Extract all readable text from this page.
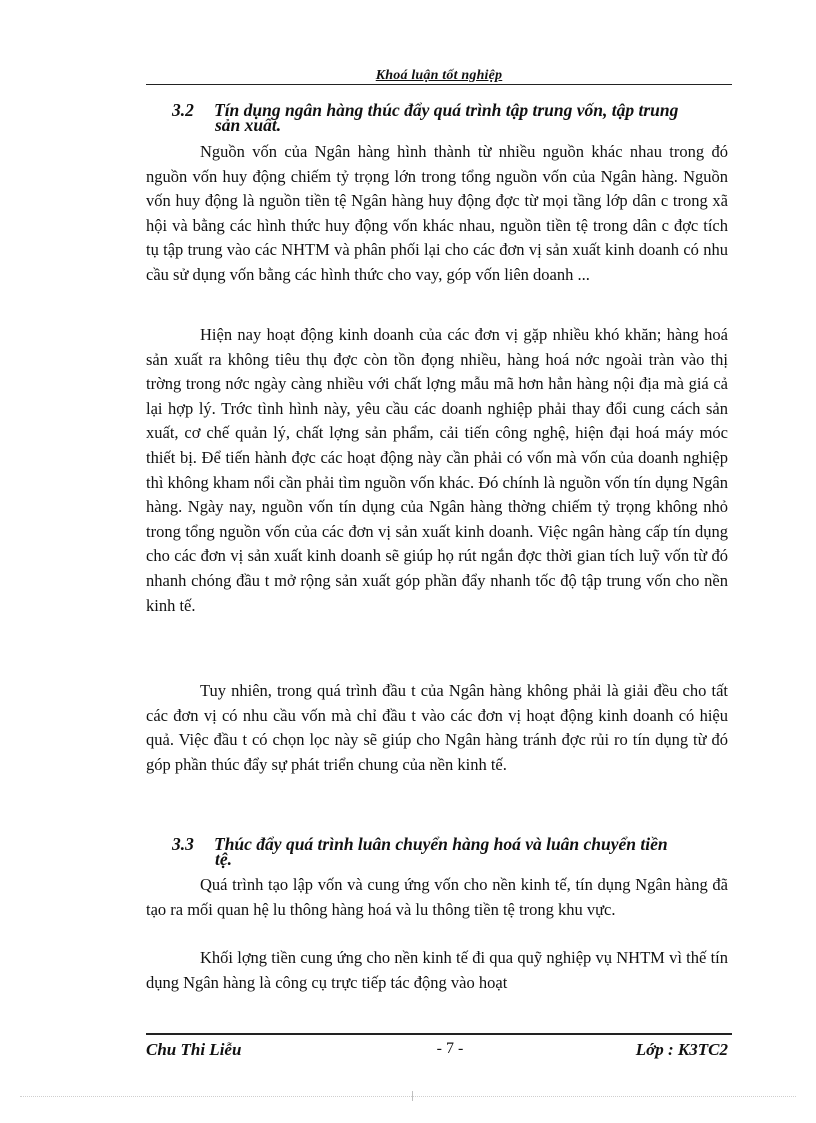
Khoá luận tốt nghiệp
3.2 Tín dụng ngân hàng thúc đẩy quá trình tập trung vốn, tập trung
sản xuất.

Nguồn vốn của Ngân hàng hình thành từ nhiều nguồn khác nhau trong đó nguồn vốn huy động chiếm tỷ trọng lớn trong tổng nguồn vốn của Ngân hàng. Nguồn vốn huy động là nguồn tiền tệ Ngân hàng huy động đợc từ mọi tầng lớp dân c trong xã hội và bằng các hình thức huy động vốn khác nhau, nguồn tiền tệ trong dân c đợc tích tụ tập trung vào các NHTM và phân phối lại cho các đơn vị sản xuất kinh doanh có nhu cầu sử dụng vốn bằng các hình thức cho vay, góp vốn liên doanh ...

Hiện nay hoạt động kinh doanh của các đơn vị gặp nhiều khó khăn; hàng hoá sản xuất ra không tiêu thụ đợc còn tồn đọng nhiều, hàng hoá nớc ngoài tràn vào thị trờng trong nớc ngày càng nhiều với chất lợng mẫu mã hơn hẳn hàng nội địa mà giá cả lại hợp lý. Trớc tình hình này, yêu cầu các doanh nghiệp phải thay đổi cung cách sản xuất, cơ chế quản lý, chất lợng sản phẩm, cải tiến công nghệ, hiện đại hoá máy móc thiết bị. Để tiến hành đợc các hoạt động này cần phải có vốn mà vốn của doanh nghiệp thì không kham nổi cần phải tìm nguồn vốn khác. Đó chính là nguồn vốn tín dụng Ngân hàng. Ngày nay, nguồn vốn tín dụng của Ngân hàng thờng chiếm tỷ trọng không nhỏ trong tổng nguồn vốn của các đơn vị sản xuất kinh doanh. Việc ngân hàng cấp tín dụng cho các đơn vị sản xuất kinh doanh sẽ giúp họ rút ngắn đợc thời gian tích luỹ vốn từ đó nhanh chóng đầu t mở rộng sản xuất góp phần đẩy nhanh tốc độ tập trung vốn cho nền kinh tế.

Tuy nhiên, trong quá trình đầu t của Ngân hàng không phải là giải đều cho tất các đơn vị có nhu cầu vốn mà chỉ đầu t vào các đơn vị hoạt động kinh doanh có hiệu quả. Việc đầu t có chọn lọc này sẽ giúp cho Ngân hàng tránh đợc rủi ro tín dụng từ đó góp phần thúc đẩy sự phát triển chung của nền kinh tế.

3.3 Thúc đẩy quá trình luân chuyển hàng hoá và luân chuyển tiền
tệ.

Quá trình tạo lập vốn và cung ứng vốn cho nền kinh tế, tín dụng Ngân hàng đã tạo ra mối quan hệ lu thông hàng hoá và lu thông tiền tệ trong khu vực.

Khối lợng tiền cung ứng cho nền kinh tế đi qua quỹ nghiệp vụ NHTM vì thế tín dụng Ngân hàng là công cụ trực tiếp tác động vào hoạt

Chu Thi Liễu	- 7 -	Lớp : K3TC2
